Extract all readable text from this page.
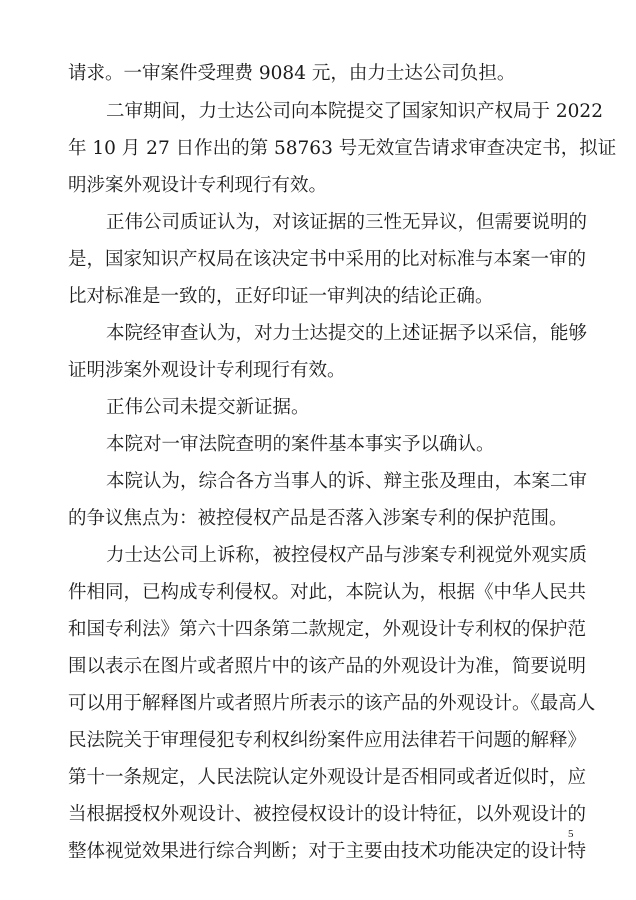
请求。一审案件受理费 9084 元，由力士达公司负担。
二审期间，力士达公司向本院提交了国家知识产权局于 2022
年 10 月 27 日作出的第 58763 号无效宣告请求审查决定书，拟证
明涉案外观设计专利现行有效。
正伟公司质证认为，对该证据的三性无异议，但需要说明的
是，国家知识产权局在该决定书中采用的比对标准与本案一审的
比对标准是一致的，正好印证一审判决的结论正确。
本院经审查认为，对力士达提交的上述证据予以采信，能够
证明涉案外观设计专利现行有效。
正伟公司未提交新证据。
本院对一审法院查明的案件基本事实予以确认。
本院认为，综合各方当事人的诉、辩主张及理由，本案二审
的争议焦点为：被控侵权产品是否落入涉案专利的保护范围。
力士达公司上诉称，被控侵权产品与涉案专利视觉外观实质
件相同，已构成专利侵权。对此，本院认为，根据《中华人民共
和国专利法》第六十四条第二款规定，外观设计专利权的保护范
围以表示在图片或者照片中的该产品的外观设计为准，简要说明
可以用于解释图片或者照片所表示的该产品的外观设计。《最高人
民法院关于审理侵犯专利权纠纷案件应用法律若干问题的解释》
第十一条规定，人民法院认定外观设计是否相同或者近似时，应
当根据授权外观设计、被控侵权设计的设计特征，以外观设计的
整体视觉效果进行综合判断；对于主要由技术功能决定的设计特
5
